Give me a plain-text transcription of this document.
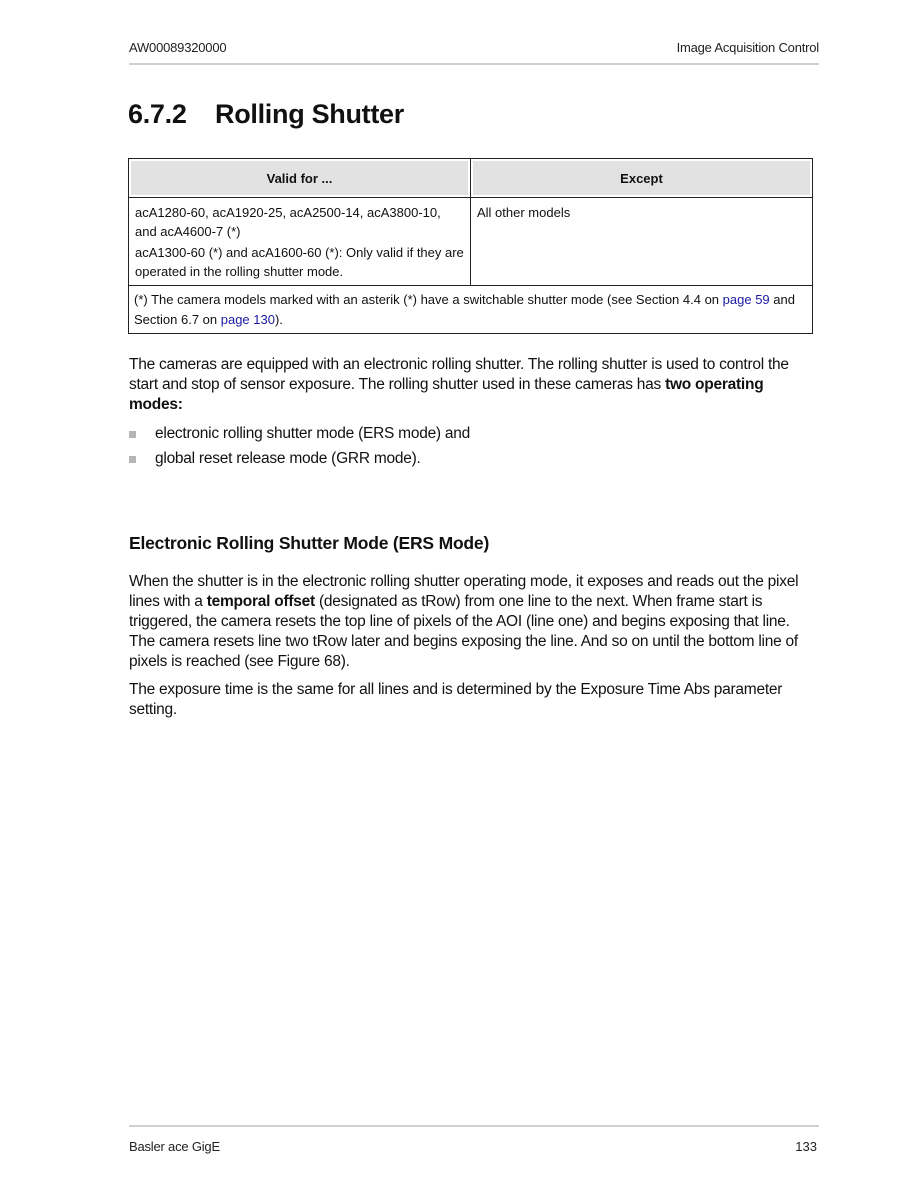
AW00089320000	Image Acquisition Control
6.7.2 Rolling Shutter
Valid for ...	Except

acA1280-60, acA1920-25, acA2500-14, acA3800-10, and acA4600-7 (*)

acA1300-60 (*) and acA1600-60 (*): Only valid if they are operated in the rolling shutter mode.	All other models
(*) The camera models marked with an asterik (*) have a switchable shutter mode (see Section 4.4 on page 59 and Section 6.7 on page 130).	

The cameras are equipped with an electronic rolling shutter. The rolling shutter is used to control the start and stop of sensor exposure. The rolling shutter used in these cameras has two operating modes:

electronic rolling shutter mode (ERS mode) and
global reset release mode (GRR mode).
Electronic Rolling Shutter Mode (ERS Mode)

When the shutter is in the electronic rolling shutter operating mode, it exposes and reads out the pixel lines with a temporal offset (designated as tRow) from one line to the next. When frame start is triggered, the camera resets the top line of pixels of the AOI (line one) and begins exposing that line. The camera resets line two tRow later and begins exposing the line. And so on until the bottom line of pixels is reached (see Figure 68).

The exposure time is the same for all lines and is determined by the Exposure Time Abs parameter setting.

Basler ace GigE	133
